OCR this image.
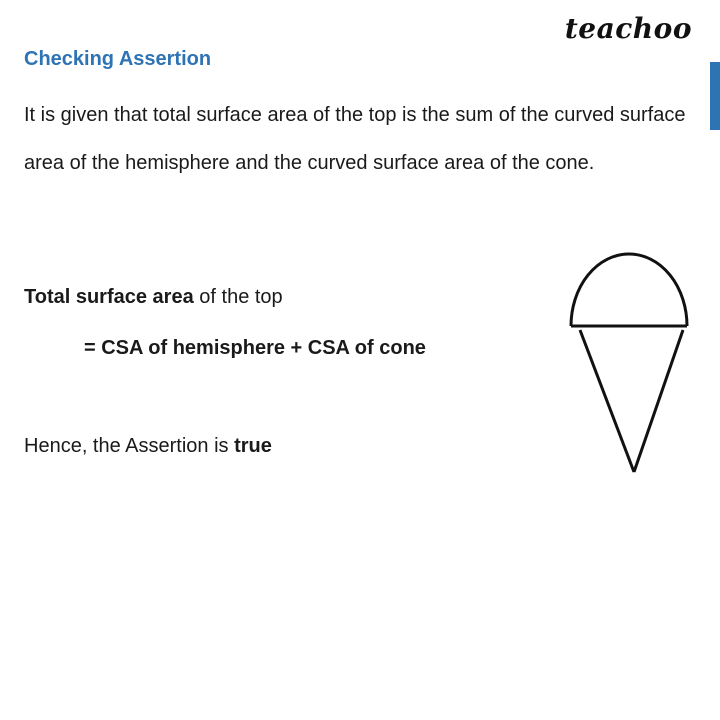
teachoo
Checking Assertion

It is given that total surface area of the top is the sum of the curved surface area of the hemisphere and the curved surface area of the cone.

Total surface area of the top
= CSA of hemisphere + CSA of cone
Hence, the Assertion is true
